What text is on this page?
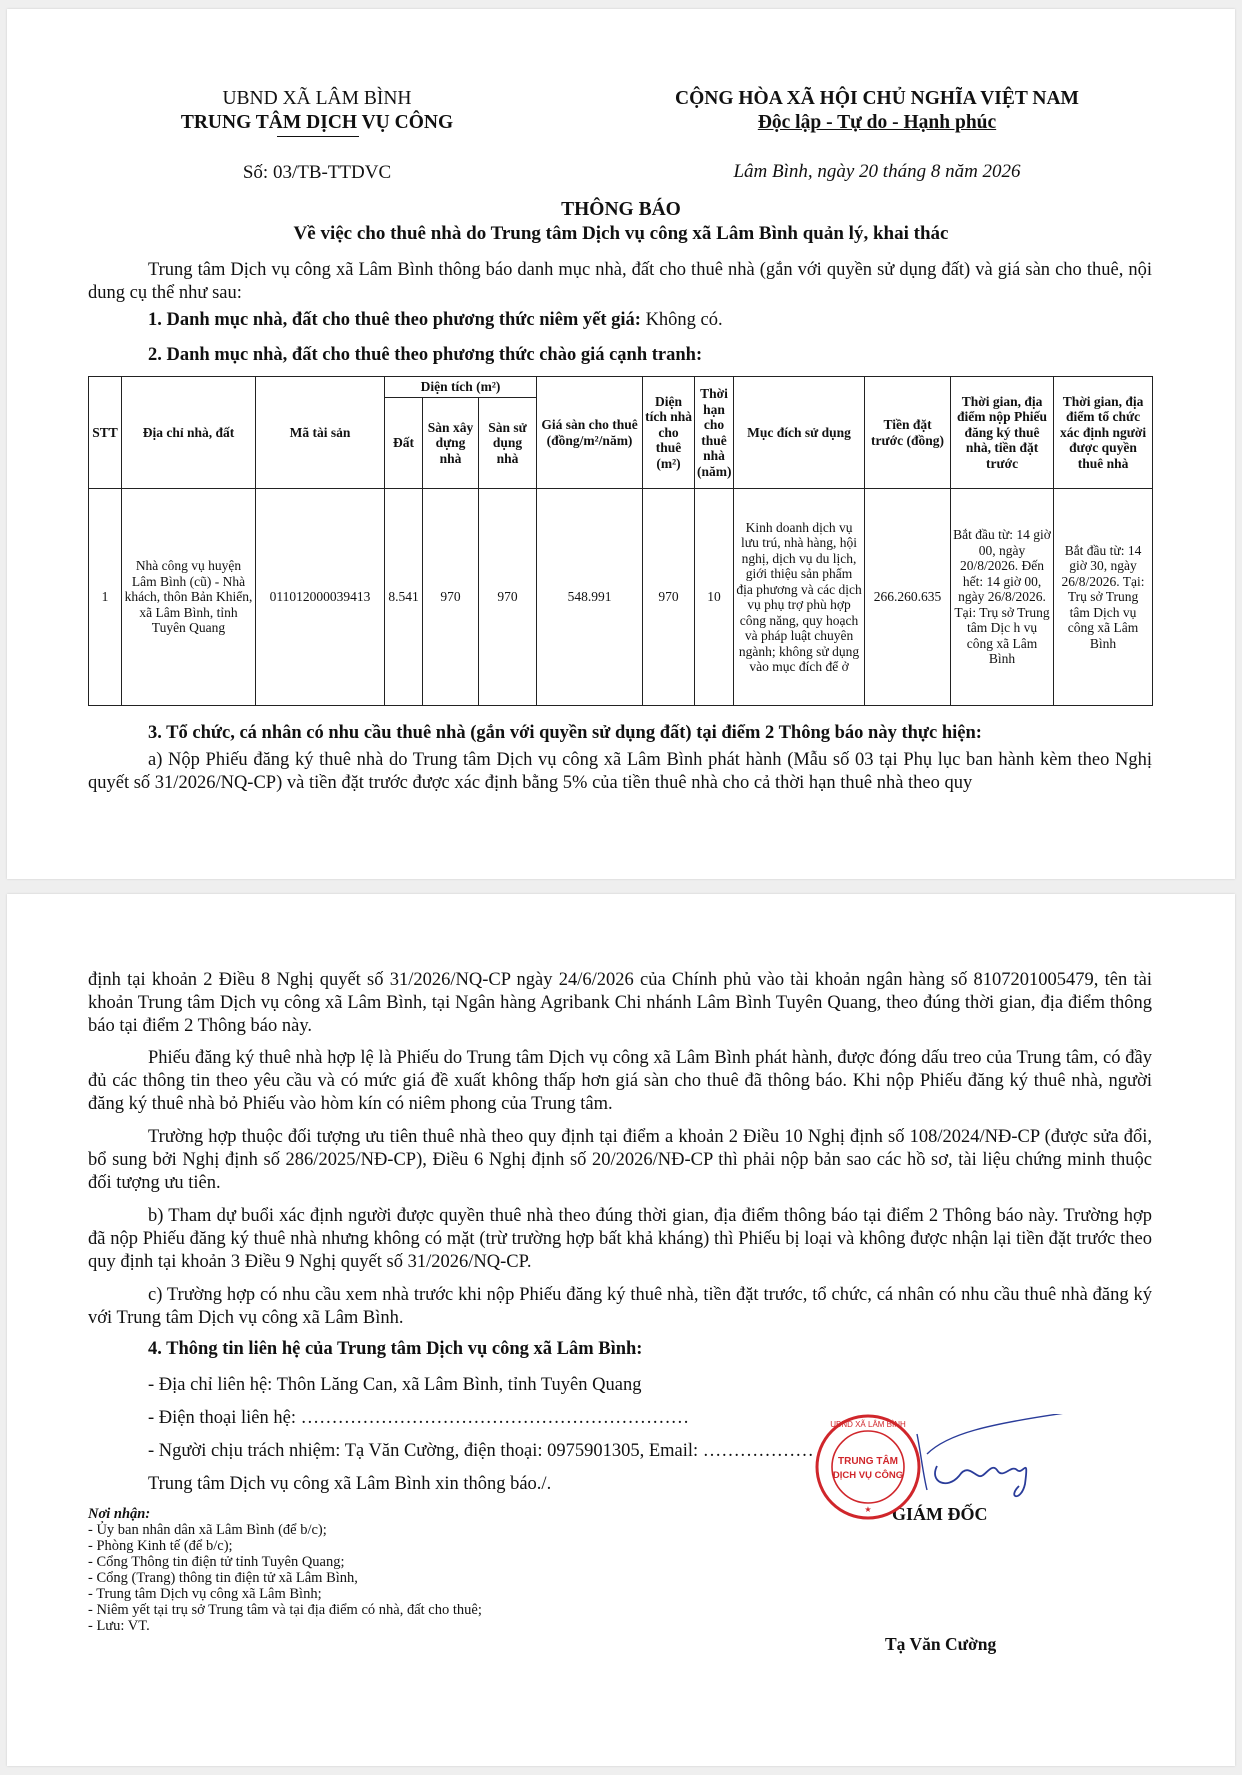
UBND XÃ LÂM BÌNH
TRUNG TÂM DỊCH VỤ CÔNG
CỘNG HÒA XÃ HỘI CHỦ NGHĨA VIỆT NAM
Độc lập - Tự do - Hạnh phúc
Số: 03/TB-TTDVC	Lâm Bình, ngày 20 tháng 8 năm 2026
THÔNG BÁO
Về việc cho thuê nhà do Trung tâm Dịch vụ công xã Lâm Bình quản lý, khai thác
Trung tâm Dịch vụ công xã Lâm Bình thông báo danh mục nhà, đất cho thuê nhà (gắn với quyền sử dụng đất) và giá sàn cho thuê, nội dung cụ thể như sau:
1. Danh mục nhà, đất cho thuê theo phương thức niêm yết giá: Không có.
2. Danh mục nhà, đất cho thuê theo phương thức chào giá cạnh tranh:
STT	Địa chỉ nhà, đất	Mã tài sản	Diện tích (m²)			Giá sàn cho thuê (đồng/m²/năm)	Diện tích nhà cho thuê (m²)	Thời hạn cho thuê nhà (năm)	Mục đích sử dụng	Tiền đặt trước (đồng)	Thời gian, địa điểm nộp Phiếu đăng ký thuê nhà, tiền đặt trước	Thời gian, địa điểm tổ chức xác định người được quyền thuê nhà
			Đất	Sàn xây dựng nhà	Sàn sử dụng nhà							
1	Nhà công vụ huyện Lâm Bình (cũ) - Nhà khách, thôn Bản Khiển, xã Lâm Bình, tỉnh Tuyên Quang	011012000039413	8.541	970	970	548.991	970	10	Kinh doanh dịch vụ lưu trú, nhà hàng, hội nghị, dịch vụ du lịch, giới thiệu sản phẩm địa phương và các dịch vụ phụ trợ phù hợp công năng, quy hoạch và pháp luật chuyên ngành; không sử dụng vào mục đích để ở	266.260.635	Bắt đầu từ: 14 giờ 00, ngày 20/8/2026. Đến hết: 14 giờ 00, ngày 26/8/2026. Tại: Trụ sở Trung tâm Dịc h vụ công xã Lâm Bình	Bắt đầu từ: 14 giờ 30, ngày 26/8/2026. Tại: Trụ sở Trung tâm Dịch vụ công xã Lâm Bình
3. Tổ chức, cá nhân có nhu cầu thuê nhà (gắn với quyền sử dụng đất) tại điểm 2 Thông báo này thực hiện:
a) Nộp Phiếu đăng ký thuê nhà do Trung tâm Dịch vụ công xã Lâm Bình phát hành (Mẫu số 03 tại Phụ lục ban hành kèm theo Nghị quyết số 31/2026/NQ-CP) và tiền đặt trước được xác định bằng 5% của tiền thuê nhà cho cả thời hạn thuê nhà theo quy
định tại khoản 2 Điều 8 Nghị quyết số 31/2026/NQ-CP ngày 24/6/2026 của Chính phủ vào tài khoản ngân hàng số 8107201005479, tên tài khoản Trung tâm Dịch vụ công xã Lâm Bình, tại Ngân hàng Agribank Chi nhánh Lâm Bình Tuyên Quang, theo đúng thời gian, địa điểm thông báo tại điểm 2 Thông báo này.
Phiếu đăng ký thuê nhà hợp lệ là Phiếu do Trung tâm Dịch vụ công xã Lâm Bình phát hành, được đóng dấu treo của Trung tâm, có đầy đủ các thông tin theo yêu cầu và có mức giá đề xuất không thấp hơn giá sàn cho thuê đã thông báo. Khi nộp Phiếu đăng ký thuê nhà, người đăng ký thuê nhà bỏ Phiếu vào hòm kín có niêm phong của Trung tâm.
Trường hợp thuộc đối tượng ưu tiên thuê nhà theo quy định tại điểm a khoản 2 Điều 10 Nghị định số 108/2024/NĐ-CP (được sửa đổi, bổ sung bởi Nghị định số 286/2025/NĐ-CP), Điều 6 Nghị định số 20/2026/NĐ-CP thì phải nộp bản sao các hồ sơ, tài liệu chứng minh thuộc đối tượng ưu tiên.
b) Tham dự buổi xác định người được quyền thuê nhà theo đúng thời gian, địa điểm thông báo tại điểm 2 Thông báo này. Trường hợp đã nộp Phiếu đăng ký thuê nhà nhưng không có mặt (trừ trường hợp bất khả kháng) thì Phiếu bị loại và không được nhận lại tiền đặt trước theo quy định tại khoản 3 Điều 9 Nghị quyết số 31/2026/NQ-CP.
c) Trường hợp có nhu cầu xem nhà trước khi nộp Phiếu đăng ký thuê nhà, tiền đặt trước, tổ chức, cá nhân có nhu cầu thuê nhà đăng ký với Trung tâm Dịch vụ công xã Lâm Bình.
4. Thông tin liên hệ của Trung tâm Dịch vụ công xã Lâm Bình:
- Địa chỉ liên hệ: Thôn Lăng Can, xã Lâm Bình, tỉnh Tuyên Quang
- Điện thoại liên hệ: ………………………………………………………
- Người chịu trách nhiệm: Tạ Văn Cường, điện thoại: 0975901305, Email: ………………
Trung tâm Dịch vụ công xã Lâm Bình xin thông báo./.
Nơi nhận:
- Ủy ban nhân dân xã Lâm Bình (để b/c);
- Phòng Kinh tế (để b/c);
- Cổng Thông tin điện tử tỉnh Tuyên Quang;
- Cổng (Trang) thông tin điện tử xã Lâm Bình,
- Trung tâm Dịch vụ công xã Lâm Bình;
- Niêm yết tại trụ sở Trung tâm và tại địa điểm có nhà, đất cho thuê;
- Lưu: VT.
GIÁM ĐỐC
TRUNG TÂM
DỊCH VỤ CÔNG
UBND XÃ LÂM BÌNH
★
Tạ Văn Cường
